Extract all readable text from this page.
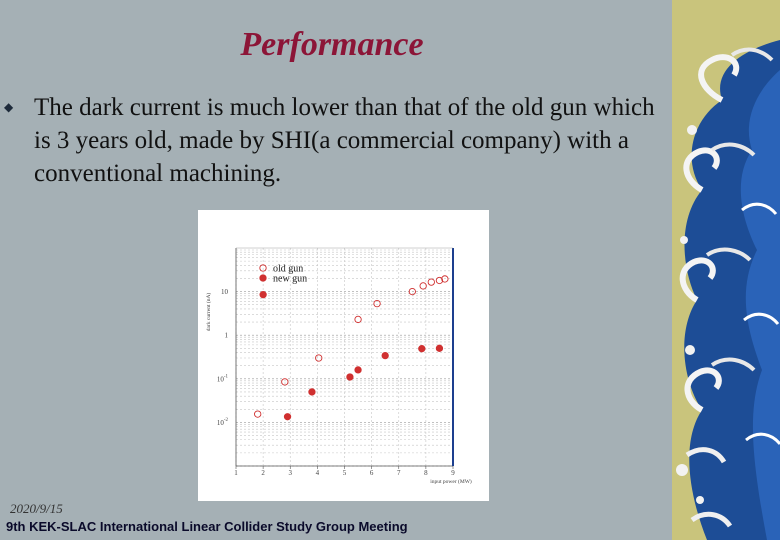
Performance
◆ The dark current is much lower than that of the old gun which is 3 years old, made by SHI(a commercial company) with a conventional machining.
1	2	3	4	5	6	7	8	9
10
1
$10^{-1}$
$10^{-2}$
dark current (nA)
input power (MW)
old gun
new gun
2020/9/15
9th KEK-SLAC International Linear Collider Study Group Meeting
